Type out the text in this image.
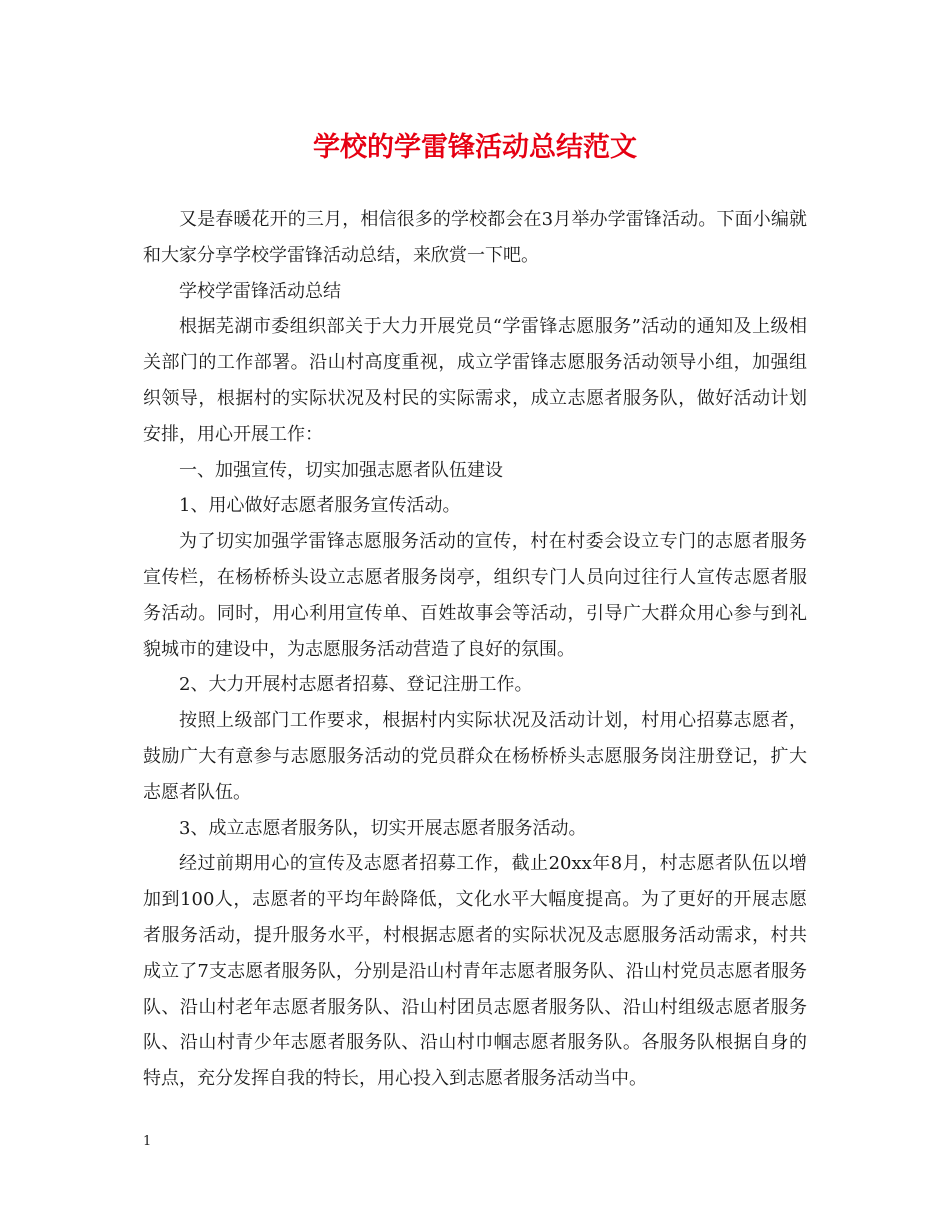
学校的学雷锋活动总结范文

又是春暖花开的三月，相信很多的学校都会在3月举办学雷锋活动。下面小编就和大家分享学校学雷锋活动总结，来欣赏一下吧。

学校学雷锋活动总结

根据芜湖市委组织部关于大力开展党员“学雷锋志愿服务”活动的通知及上级相关部门的工作部署。沿山村高度重视，成立学雷锋志愿服务活动领导小组，加强组织领导，根据村的实际状况及村民的实际需求，成立志愿者服务队，做好活动计划安排，用心开展工作：

一、加强宣传，切实加强志愿者队伍建设

1、用心做好志愿者服务宣传活动。

为了切实加强学雷锋志愿服务活动的宣传，村在村委会设立专门的志愿者服务宣传栏，在杨桥桥头设立志愿者服务岗亭，组织专门人员向过往行人宣传志愿者服务活动。同时，用心利用宣传单、百姓故事会等活动，引导广大群众用心参与到礼貌城市的建设中，为志愿服务活动营造了良好的氛围。

2、大力开展村志愿者招募、登记注册工作。

按照上级部门工作要求，根据村内实际状况及活动计划，村用心招募志愿者，鼓励广大有意参与志愿服务活动的党员群众在杨桥桥头志愿服务岗注册登记，扩大志愿者队伍。

3、成立志愿者服务队，切实开展志愿者服务活动。

经过前期用心的宣传及志愿者招募工作，截止20xx年8月，村志愿者队伍以增加到100人，志愿者的平均年龄降低，文化水平大幅度提高。为了更好的开展志愿者服务活动，提升服务水平，村根据志愿者的实际状况及志愿服务活动需求，村共成立了7支志愿者服务队，分别是沿山村青年志愿者服务队、沿山村党员志愿者服务队、沿山村老年志愿者服务队、沿山村团员志愿者服务队、沿山村组级志愿者服务队、沿山村青少年志愿者服务队、沿山村巾帼志愿者服务队。各服务队根据自身的特点，充分发挥自我的特长，用心投入到志愿者服务活动当中。

1
